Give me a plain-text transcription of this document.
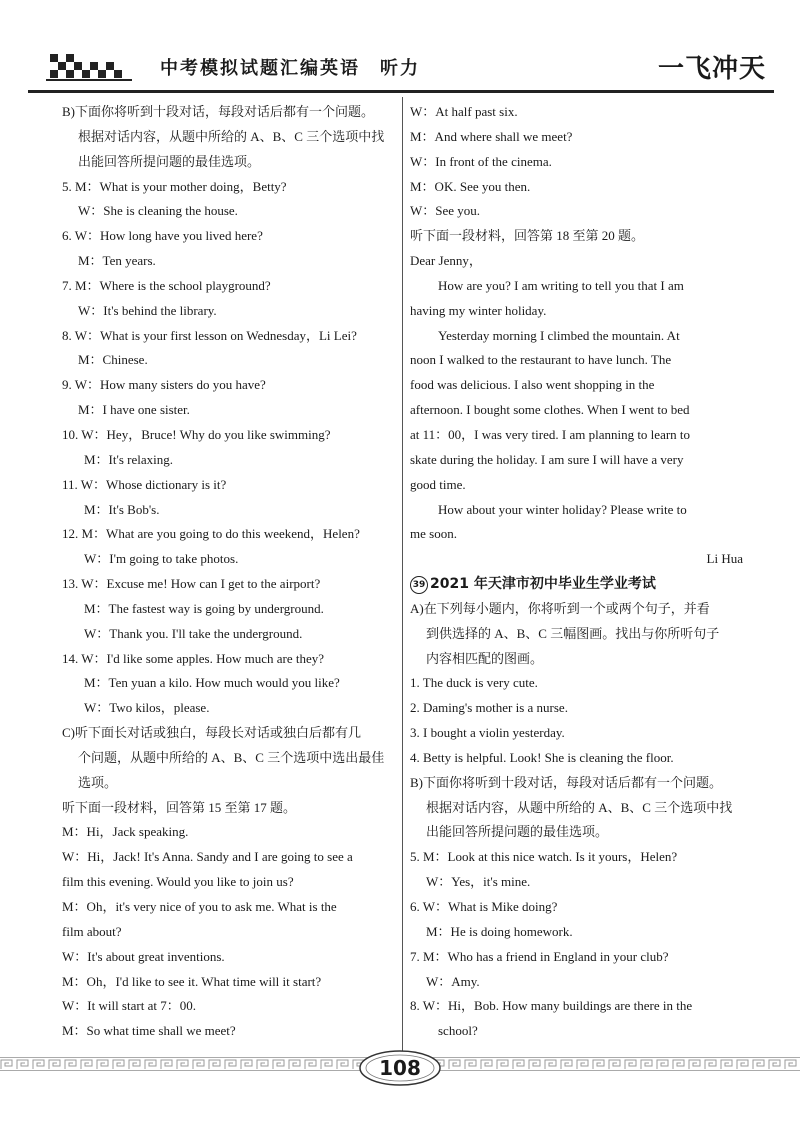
中考模拟试题汇编英语　听力	一飞冲天
B)下面你将听到十段对话，每段对话后都有一个问题。
根据对话内容，从题中所给的 A、B、C 三个选项中找
出能回答所提问题的最佳选项。
5. M：What is your mother doing，Betty?
W：She is cleaning the house.
6. W：How long have you lived here?
M：Ten years.
7. M：Where is the school playground?
W：It's behind the library.
8. W：What is your first lesson on Wednesday，Li Lei?
M：Chinese.
9. W：How many sisters do you have?
M：I have one sister.
10. W：Hey，Bruce! Why do you like swimming?
M：It's relaxing.
11. W：Whose dictionary is it?
M：It's Bob's.
12. M：What are you going to do this weekend，Helen?
W：I'm going to take photos.
13. W：Excuse me! How can I get to the airport?
M：The fastest way is going by underground.
W：Thank you. I'll take the underground.
14. W：I'd like some apples. How much are they?
M：Ten yuan a kilo. How much would you like?
W：Two kilos，please.
C)听下面长对话或独白，每段长对话或独白后都有几
个问题，从题中所给的 A、B、C 三个选项中选出最佳
选项。
听下面一段材料，回答第 15 至第 17 题。
M：Hi，Jack speaking.
W：Hi，Jack! It's Anna. Sandy and I are going to see a
film this evening. Would you like to join us?
M：Oh，it's very nice of you to ask me. What is the
film about?
W：It's about great inventions.
M：Oh，I'd like to see it. What time will it start?
W：It will start at 7：00.
M：So what time shall we meet?
W：At half past six.
M：And where shall we meet?
W：In front of the cinema.
M：OK. See you then.
W：See you.
听下面一段材料，回答第 18 至第 20 题。
Dear Jenny，
How are you? I am writing to tell you that I am
having my winter holiday.
Yesterday morning I climbed the mountain. At
noon I walked to the restaurant to have lunch. The
food was delicious. I also went shopping in the
afternoon. I bought some clothes. When I went to bed
at 11：00，I was very tired. I am planning to learn to
skate during the holiday. I am sure I will have a very
good time.
How about your winter holiday? Please write to
me soon.
Li Hua
39 2021 年天津市初中毕业生学业考试
A)在下列每小题内，你将听到一个或两个句子，并看
到供选择的 A、B、C 三幅图画。找出与你所听句子
内容相匹配的图画。
1. The duck is very cute.
2. Daming's mother is a nurse.
3. I bought a violin yesterday.
4. Betty is helpful. Look! She is cleaning the floor.
B)下面你将听到十段对话，每段对话后都有一个问题。
根据对话内容，从题中所给的 A、B、C 三个选项中找
出能回答所提问题的最佳选项。
5. M：Look at this nice watch. Is it yours，Helen?
W：Yes，it's mine.
6. W：What is Mike doing?
M：He is doing homework.
7. M：Who has a friend in England in your club?
W：Amy.
8. W：Hi，Bob. How many buildings are there in the
school?
108
